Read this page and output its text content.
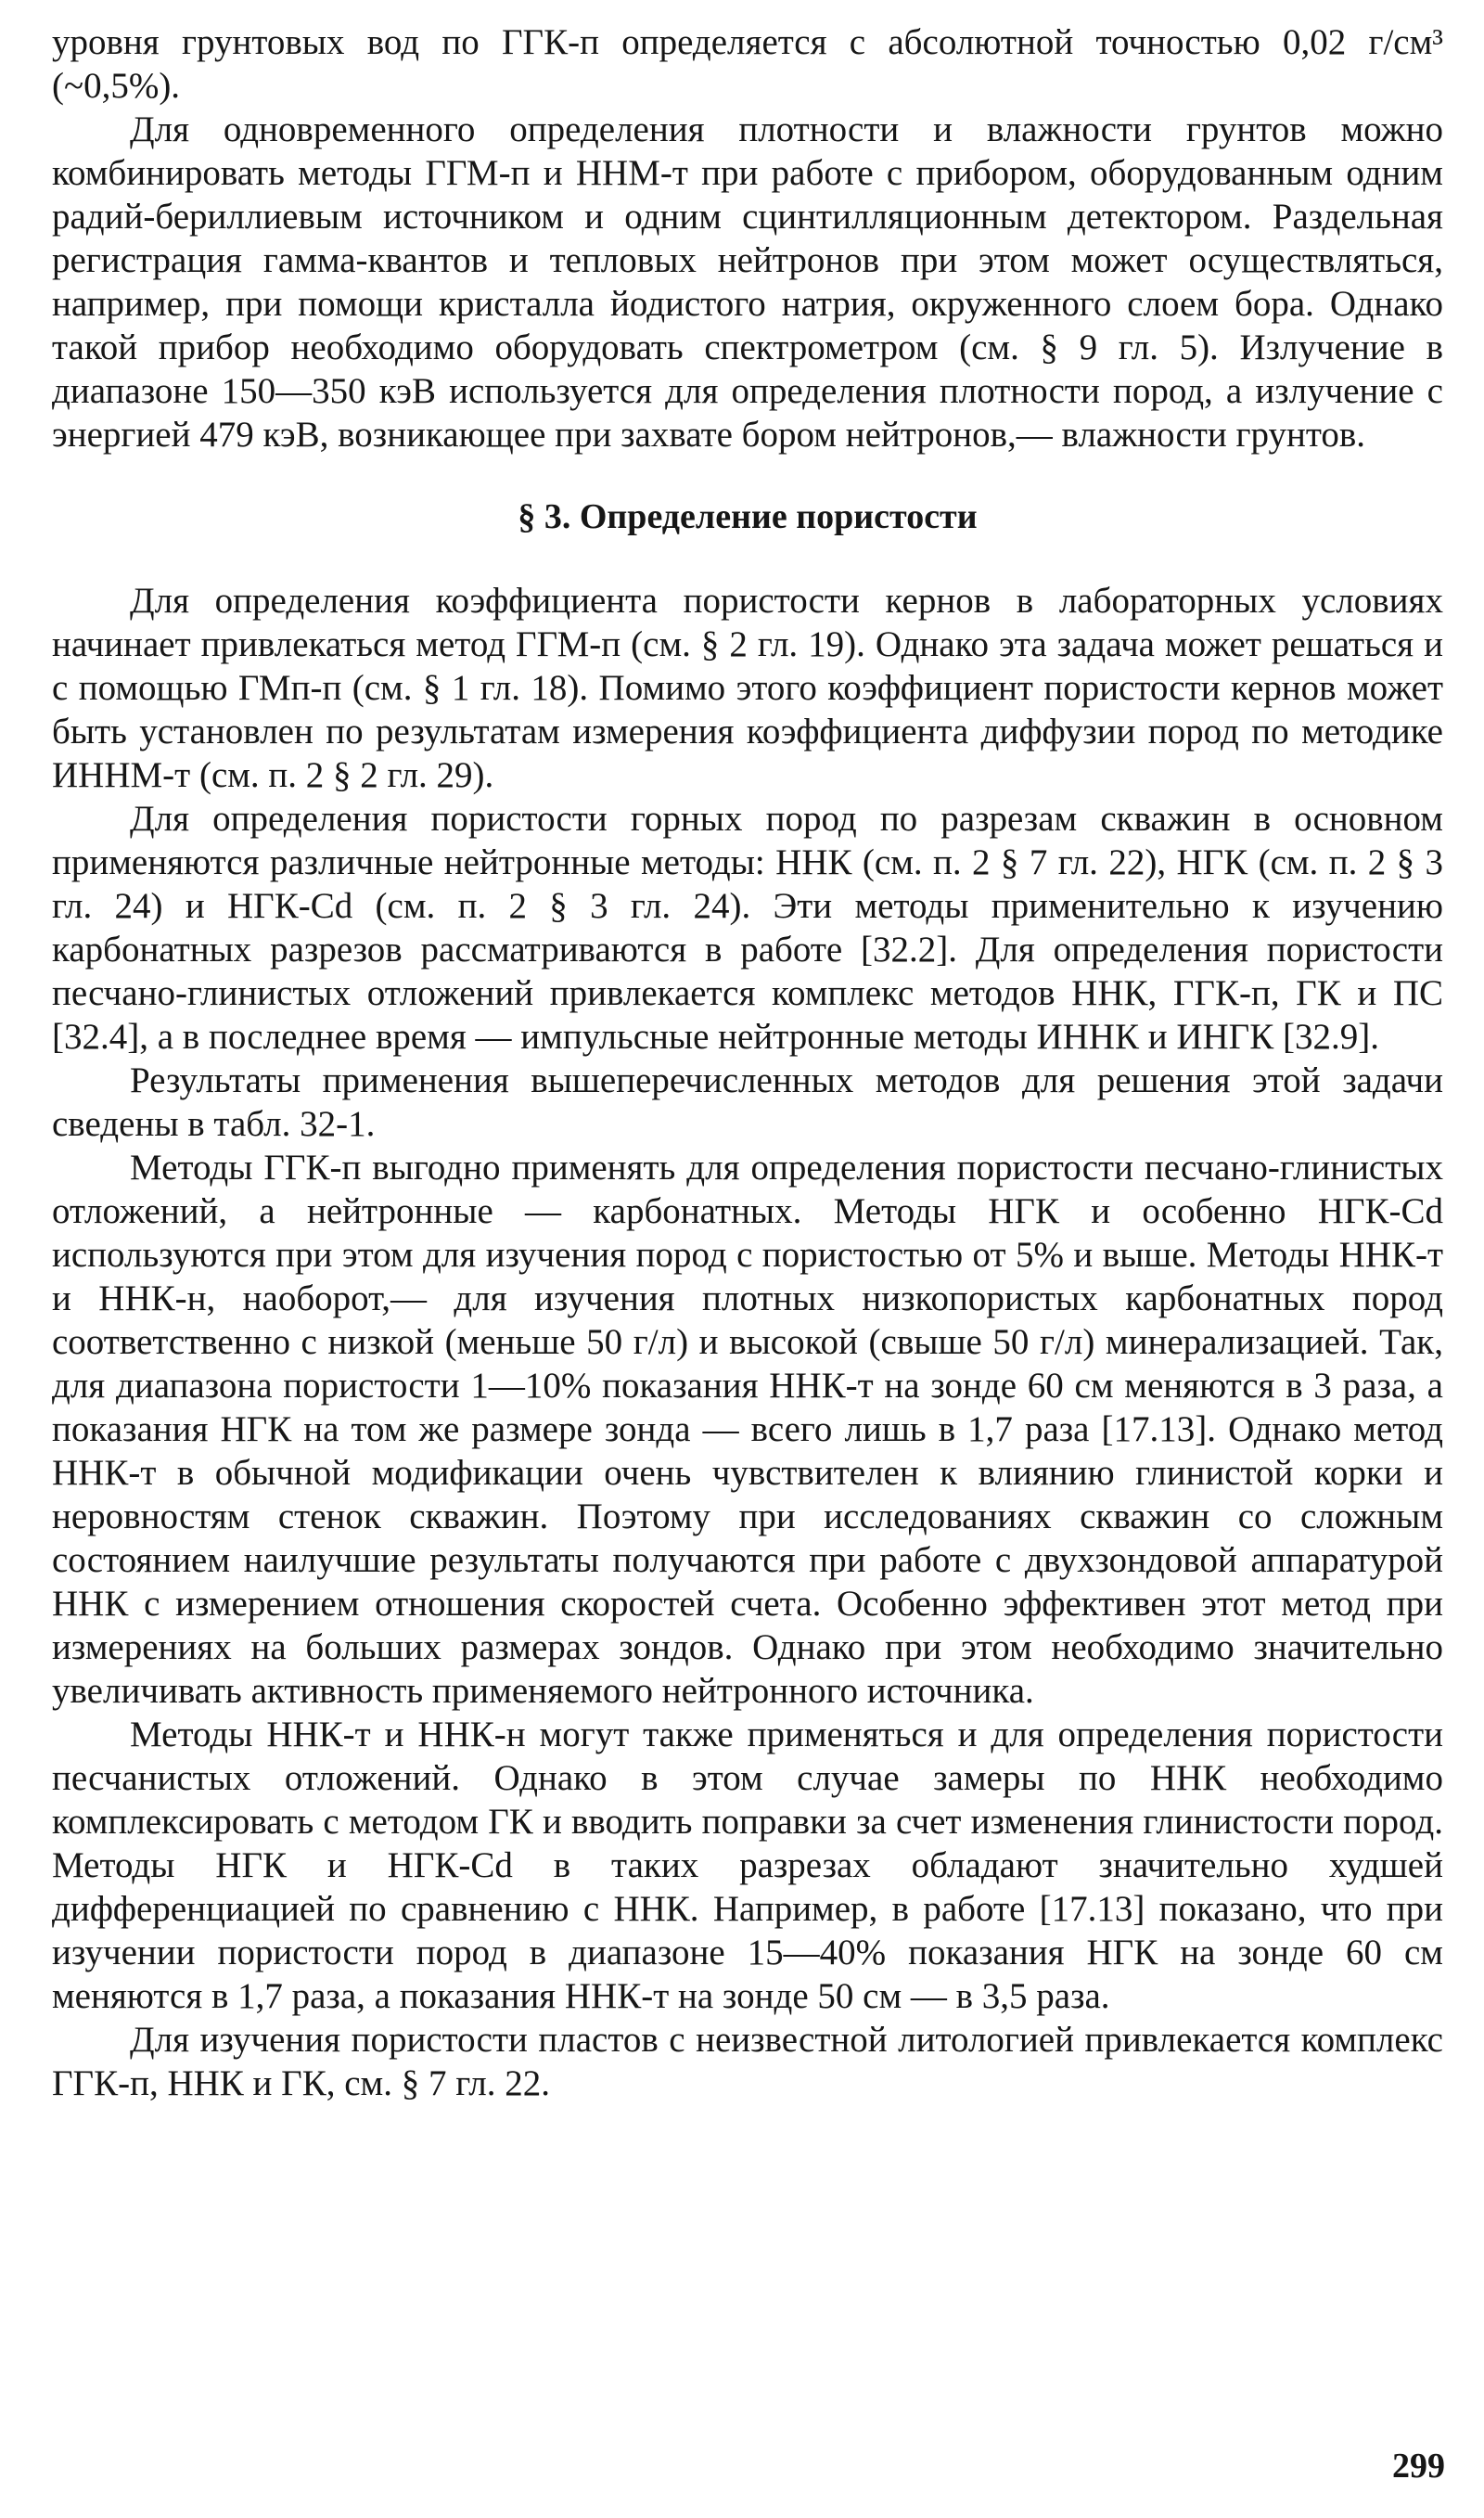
уровня грунтовых вод по ГГК-п определяется с абсолютной точностью 0,02 г/см³ (~0,5%).

Для одновременного определения плотности и влажности грунтов можно комбинировать методы ГГМ-п и ННМ-т при работе с прибором, оборудованным одним радий-бериллиевым источником и одним сцинтилляционным детектором. Раздельная регистрация гамма-квантов и тепловых нейтронов при этом может осуществляться, например, при помощи кристалла йодистого натрия, окруженного слоем бора. Однако такой прибор необходимо оборудовать спектрометром (см. § 9 гл. 5). Излучение в диапазоне 150—350 кэВ используется для определения плотности пород, а излучение с энергией 479 кэВ, возникающее при захвате бором нейтронов,— влажности грунтов.

§ 3. Определение пористости

Для определения коэффициента пористости кернов в лабораторных условиях начинает привлекаться метод ГГМ-п (см. § 2 гл. 19). Однако эта задача может решаться и с помощью ГМп-п (см. § 1 гл. 18). Помимо этого коэффициент пористости кернов может быть установлен по результатам измерения коэффициента диффузии пород по методике ИННМ-т (см. п. 2 § 2 гл. 29).

Для определения пористости горных пород по разрезам скважин в основном применяются различные нейтронные методы: ННК (см. п. 2 § 7 гл. 22), НГК (см. п. 2 § 3 гл. 24) и НГК-Cd (см. п. 2 § 3 гл. 24). Эти методы применительно к изучению карбонатных разрезов рассматриваются в работе [32.2]. Для определения пористости песчано-глинистых отложений привлекается комплекс методов ННК, ГГК-п, ГК и ПС [32.4], а в последнее время — импульсные нейтронные методы ИННК и ИНГК [32.9].

Результаты применения вышеперечисленных методов для решения этой задачи сведены в табл. 32-1.

Методы ГГК-п выгодно применять для определения пористости песчано-глинистых отложений, а нейтронные — карбонатных. Методы НГК и особенно НГК-Cd используются при этом для изучения пород с пористостью от 5% и выше. Методы ННК-т и ННК-н, наоборот,— для изучения плотных низкопористых карбонатных пород соответственно с низкой (меньше 50 г/л) и высокой (свыше 50 г/л) минерализацией. Так, для диапазона пористости 1—10% показания ННК-т на зонде 60 см меняются в 3 раза, а показания НГК на том же размере зонда — всего лишь в 1,7 раза [17.13]. Однако метод ННК-т в обычной модификации очень чувствителен к влиянию глинистой корки и неровностям стенок скважин. Поэтому при исследованиях скважин со сложным состоянием наилучшие результаты получаются при работе с двухзондовой аппаратурой ННК с измерением отношения скоростей счета. Особенно эффективен этот метод при измерениях на больших размерах зондов. Однако при этом необходимо значительно увеличивать активность применяемого нейтронного источника.

Методы ННК-т и ННК-н могут также применяться и для определения пористости песчанистых отложений. Однако в этом случае замеры по ННК необходимо комплексировать с методом ГК и вводить поправки за счет изменения глинистости пород. Методы НГК и НГК-Cd в таких разрезах обладают значительно худшей дифференциацией по сравнению с ННК. Например, в работе [17.13] показано, что при изучении пористости пород в диапазоне 15—40% показания НГК на зонде 60 см меняются в 1,7 раза, а показания ННК-т на зонде 50 см — в 3,5 раза.

Для изучения пористости пластов с неизвестной литологией привлекается комплекс ГГК-п, ННК и ГК, см. § 7 гл. 22.

299
